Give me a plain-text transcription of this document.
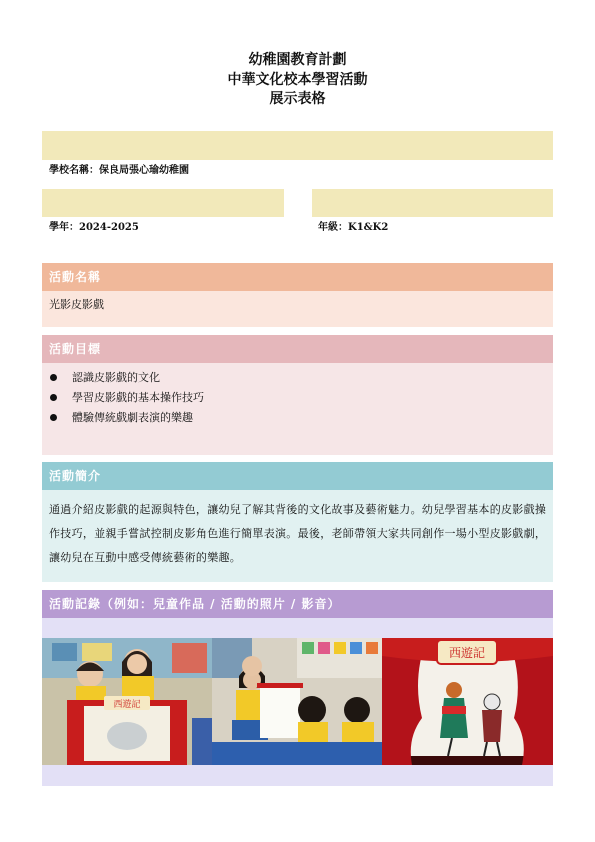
幼稚園教育計劃
中華文化校本學習活動
展示表格
學校名稱：保良局張心瑜幼稚園
學年：2024-2025	年級：K1&K2
活動名稱
光影皮影戲
活動目標
認識皮影戲的文化
學習皮影戲的基本操作技巧
體驗傳統戲劇表演的樂趣
活動簡介
通過介紹皮影戲的起源與特色，讓幼兒了解其背後的文化故事及藝術魅力。幼兒學習基本的皮影戲操作技巧，並親手嘗試控制皮影角色進行簡單表演。最後，老師帶領大家共同創作一場小型皮影戲劇，讓幼兒在互動中感受傳統藝術的樂趣。
活動記錄（例如：兒童作品 / 活動的照片 / 影音）
西遊記
西遊記
